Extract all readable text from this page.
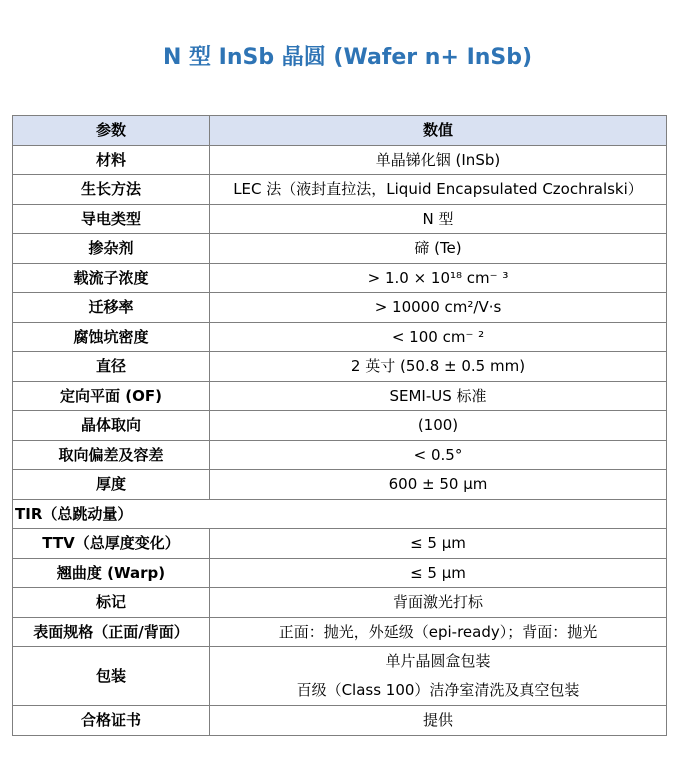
N 型 InSb 晶圆 (Wafer n+ InSb)
参数	数值
材料	单晶锑化铟 (InSb)
生长方法	LEC 法（液封直拉法，Liquid Encapsulated Czochralski）
导电类型	N 型
掺杂剂	碲 (Te)
载流子浓度	> 1.0 × 10¹⁸ cm⁻ ³
迁移率	> 10000 cm²/V·s
腐蚀坑密度	< 100 cm⁻ ²
直径	2 英寸 (50.8 ± 0.5 mm)
定向平面 (OF)	SEMI-US 标准
晶体取向	(100)
取向偏差及容差	< 0.5°
厚度	600 ± 50 μm
TIR（总跳动量）	
TTV（总厚度变化）	≤ 5 μm
翘曲度 (Warp)	≤ 5 μm
标记	背面激光打标
表面规格（正面/背面）	正面：抛光，外延级（epi-ready）；背面：抛光
包装	单片晶圆盒包装
百级（Class 100）洁净室清洗及真空包装

合格证书	提供
